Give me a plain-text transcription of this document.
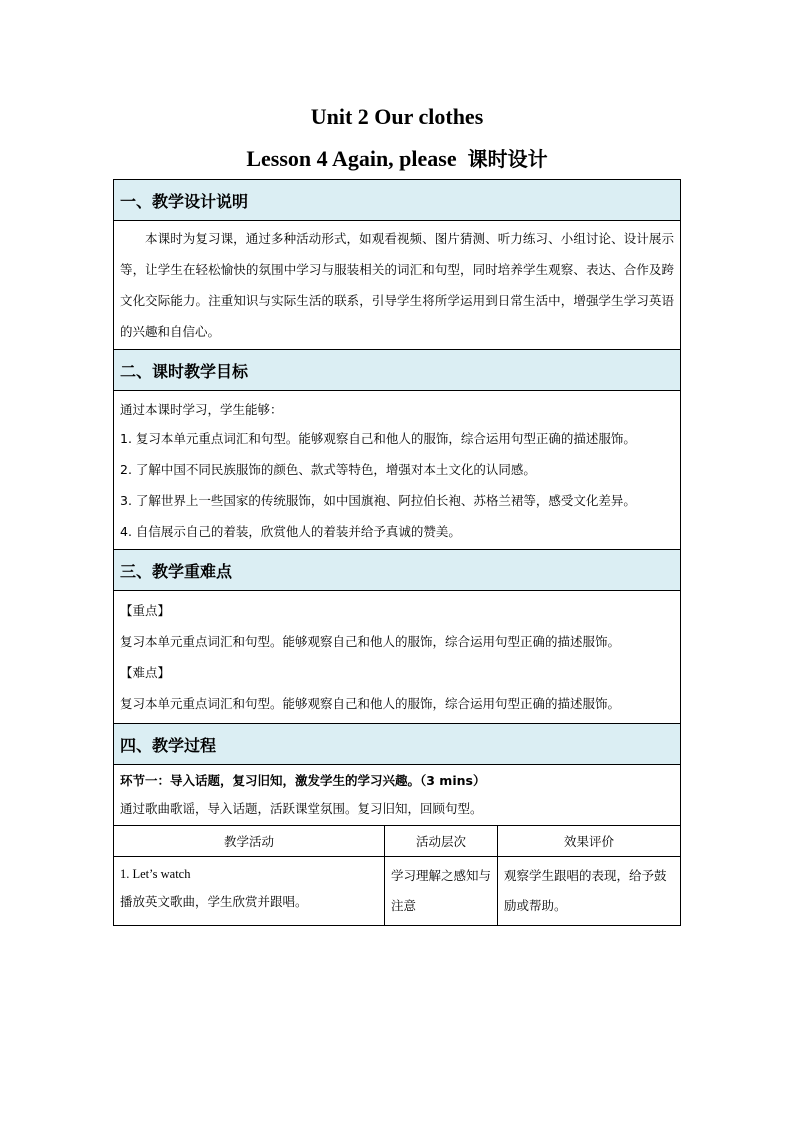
Unit 2 Our clothes
Lesson 4 Again, please 课时设计
一、教学设计说明		

本课时为复习课，通过多种活动形式，如观看视频、图片猜测、听力练习、小组讨论、设计展示等，让学生在轻松愉快的氛围中学习与服装相关的词汇和句型，同时培养学生观察、表达、合作及跨文化交际能力。注重知识与实际生活的联系，引导学生将所学运用到日常生活中，增强学生学习英语的兴趣和自信心。		

二、课时教学目标		

通过本课时学习，学生能够：

1. 复习本单元重点词汇和句型。能够观察自己和他人的服饰，综合运用句型正确的描述服饰。

2. 了解中国不同民族服饰的颜色、款式等特色，增强对本土文化的认同感。

3. 了解世界上一些国家的传统服饰，如中国旗袍、阿拉伯长袍、苏格兰裙等，感受文化差异。

4. 自信展示自己的着装，欣赏他人的着装并给予真诚的赞美。		

三、教学重难点		

【重点】

复习本单元重点词汇和句型。能够观察自己和他人的服饰，综合运用句型正确的描述服饰。

【难点】

复习本单元重点词汇和句型。能够观察自己和他人的服饰，综合运用句型正确的描述服饰。		

四、教学过程		

环节一：导入话题，复习旧知，激发学生的学习兴趣。（3 mins）

通过歌曲歌谣，导入话题，活跃课堂氛围。复习旧知，回顾句型。		

教学活动	活动层次	效果评价

1. Let’s watch

播放英文歌曲，学生欣赏并跟唱。	学习理解之感知与注意	观察学生跟唱的表现，给予鼓励或帮助。
